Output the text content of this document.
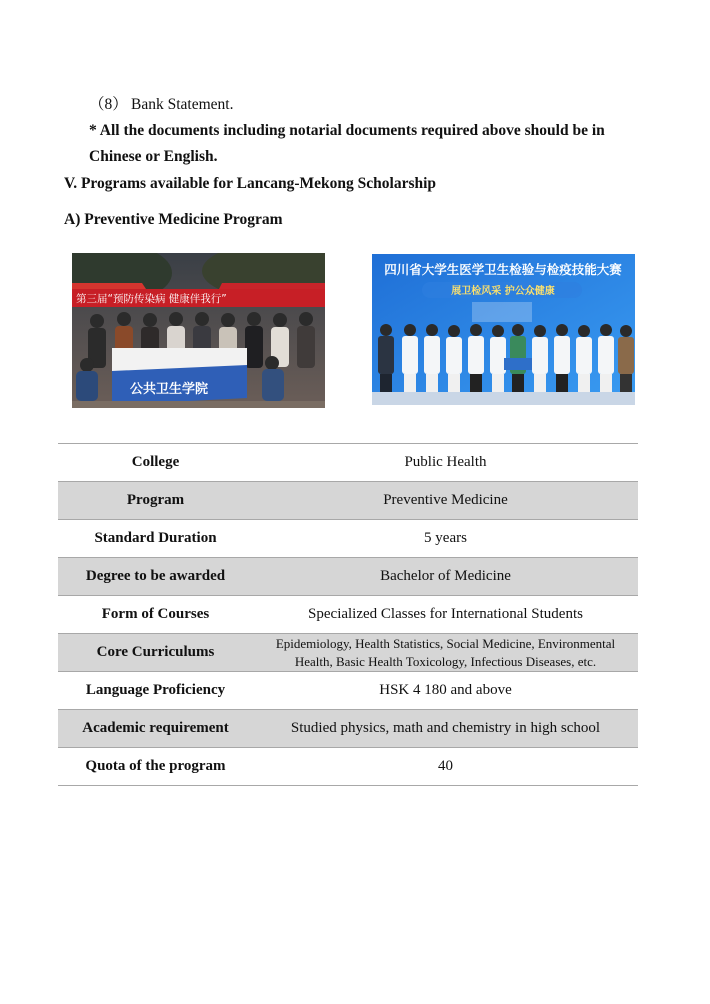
（8） Bank Statement.
* All the documents including notarial documents required above should be in Chinese or English.
V. Programs available for Lancang-Mekong Scholarship
A) Preventive Medicine Program
第三届“预防传染病 健康伴我行”
公共卫生学院
四川省大学生医学卫生检验与检疫技能大赛
展卫检风采 护公众健康
College	Public Health
Program	Preventive Medicine
Standard Duration	5 years
Degree to be awarded	Bachelor of Medicine
Form of Courses	Specialized Classes for International Students
Core Curriculums	Epidemiology, Health Statistics, Social Medicine, Environmental
Health, Basic Health Toxicology, Infectious Diseases, etc.

Language Proficiency	HSK 4 180 and above
Academic requirement	Studied physics, math and chemistry in high school
Quota of the program	40
